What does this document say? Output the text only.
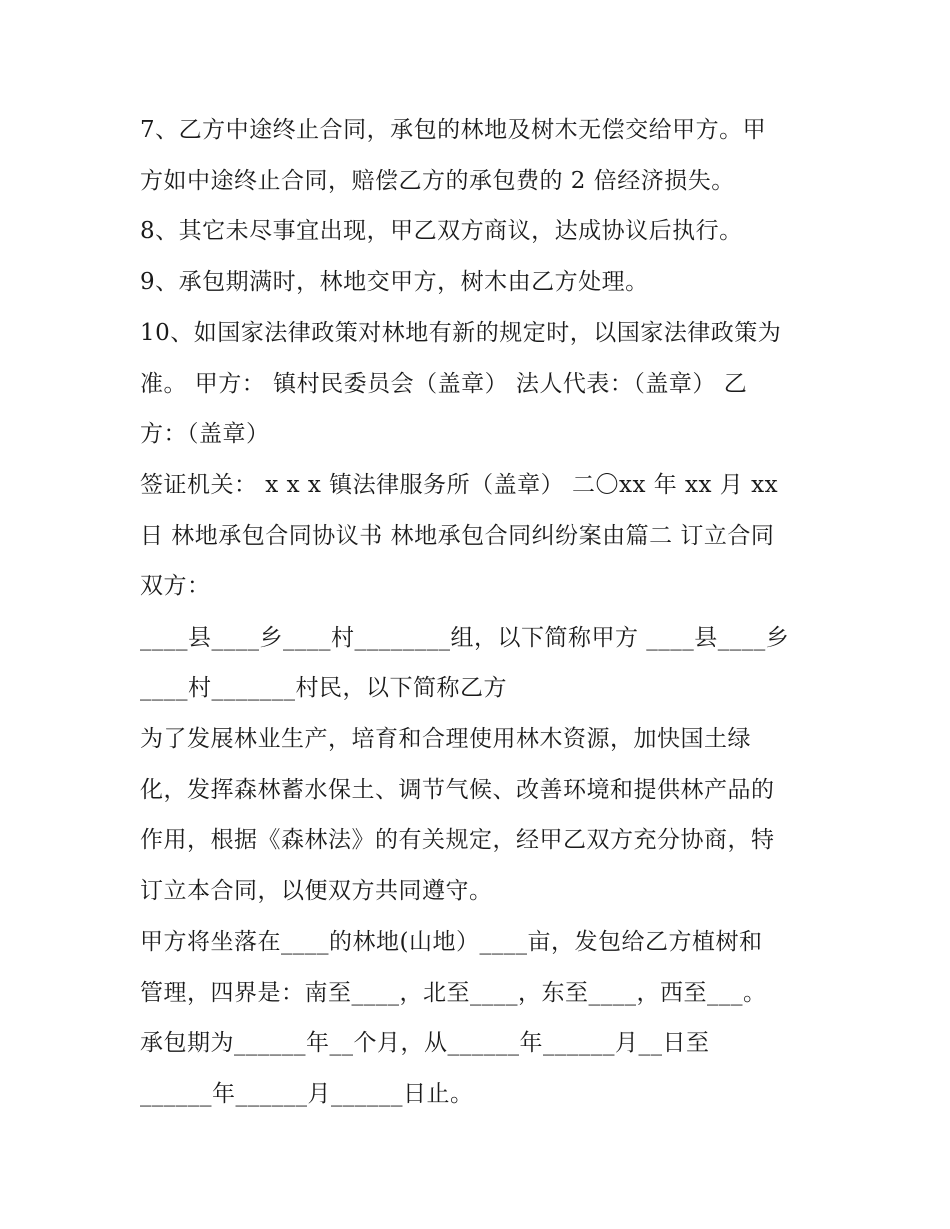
7、乙方中途终止合同，承包的林地及树木无偿交给甲方。甲
方如中途终止合同，赔偿乙方的承包费的 2 倍经济损失。
8、其它未尽事宜出现，甲乙双方商议，达成协议后执行。
9、承包期满时，林地交甲方，树木由乙方处理。
10、如国家法律政策对林地有新的规定时，以国家法律政策为
准。 甲方： 镇村民委员会（盖章） 法人代表：（盖章） 乙
方：（盖章）
签证机关： x x x 镇法律服务所（盖章） 二〇xx 年 xx 月 xx
日 林地承包合同协议书 林地承包合同纠纷案由篇二 订立合同
双方：
____县____乡____村________组，以下简称甲方 ____县____乡
____村_______村民，以下简称乙方
为了发展林业生产，培育和合理使用林木资源，加快国土绿
化，发挥森林蓄水保土、调节气候、改善环境和提供林产品的
作用，根据《森林法》的有关规定，经甲乙双方充分协商，特
订立本合同，以便双方共同遵守。
甲方将坐落在____的林地(山地）____亩，发包给乙方植树和
管理，四界是：南至____，北至____，东至____，西至___。
承包期为______年__个月，从______年______月__日至
______年______月______日止。
